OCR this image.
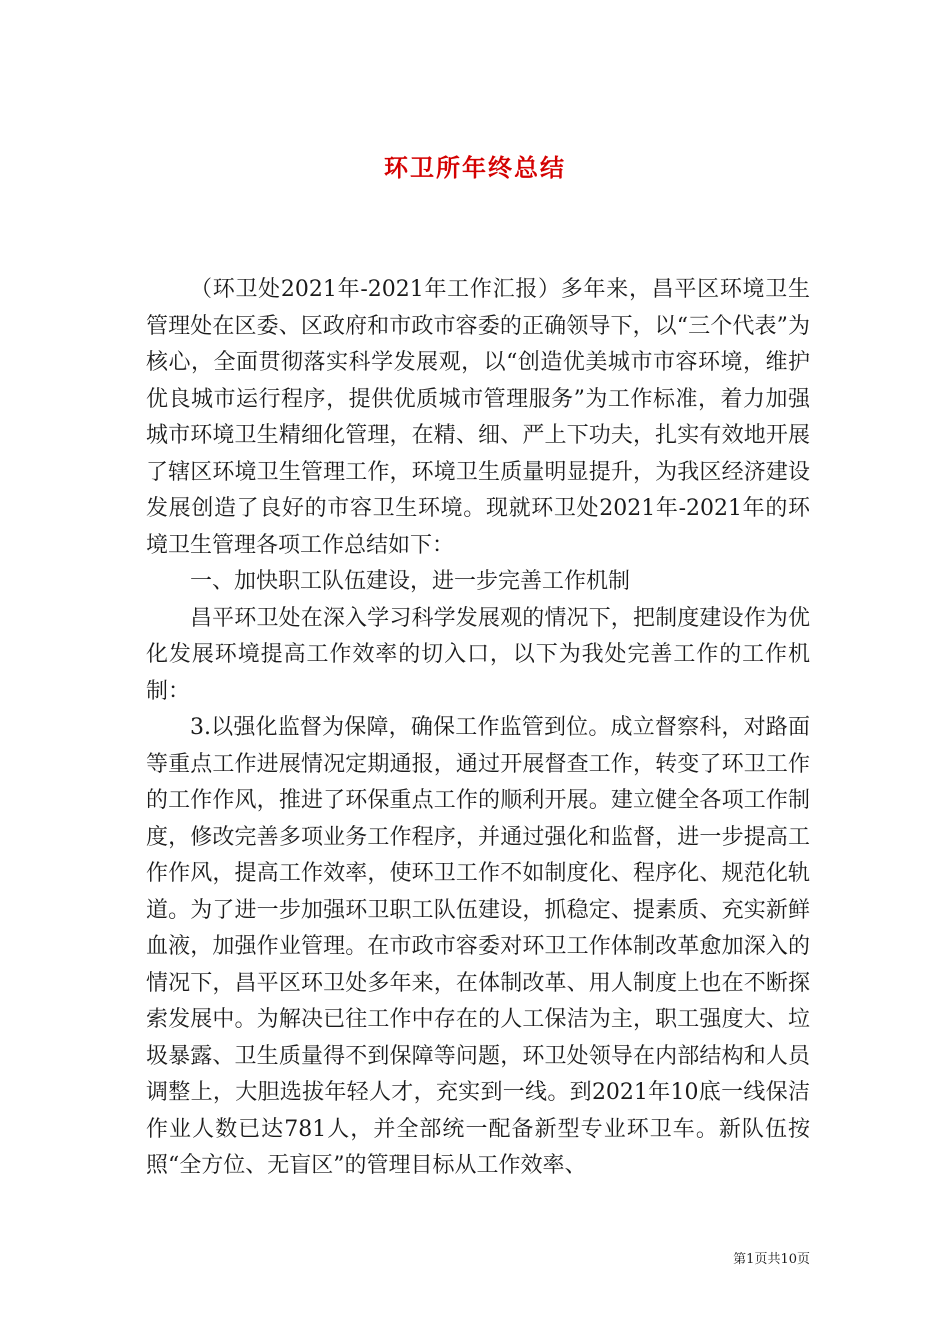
环卫所年终总结

（环卫处2021年-2021年工作汇报）多年来，昌平区环境卫生管理处在区委、区政府和市政市容委的正确领导下，以“三个代表”为核心，全面贯彻落实科学发展观，以“创造优美城市市容环境，维护优良城市运行程序，提供优质城市管理服务”为工作标准，着力加强城市环境卫生精细化管理，在精、细、严上下功夫，扎实有效地开展了辖区环境卫生管理工作，环境卫生质量明显提升，为我区经济建设发展创造了良好的市容卫生环境。现就环卫处2021年-2021年的环境卫生管理各项工作总结如下：

一、加快职工队伍建设，进一步完善工作机制

昌平环卫处在深入学习科学发展观的情况下，把制度建设作为优化发展环境提高工作效率的切入口，以下为我处完善工作的工作机制：

3.以强化监督为保障，确保工作监管到位。成立督察科，对路面等重点工作进展情况定期通报，通过开展督查工作，转变了环卫工作的工作作风，推进了环保重点工作的顺利开展。建立健全各项工作制度，修改完善多项业务工作程序，并通过强化和监督，进一步提高工作作风，提高工作效率，使环卫工作不如制度化、程序化、规范化轨道。为了进一步加强环卫职工队伍建设，抓稳定、提素质、充实新鲜血液，加强作业管理。在市政市容委对环卫工作体制改革愈加深入的情况下，昌平区环卫处多年来，在体制改革、用人制度上也在不断探索发展中。为解决已往工作中存在的人工保洁为主，职工强度大、垃圾暴露、卫生质量得不到保障等问题，环卫处领导在内部结构和人员调整上，大胆选拔年轻人才，充实到一线。到2021年10底一线保洁作业人数已达781人，并全部统一配备新型专业环卫车。新队伍按照“全方位、无盲区”的管理目标从工作效率、

第1页共10页
